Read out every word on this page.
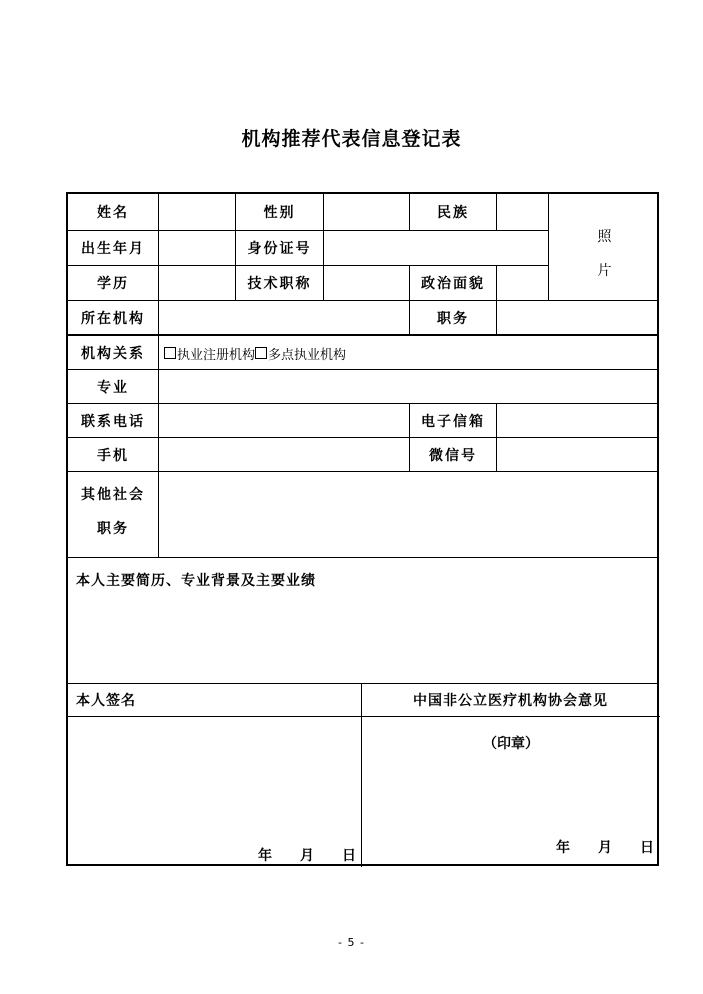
机构推荐代表信息登记表
姓名	性别	民族
出生年月	身份证号
学历	技术职称	政治面貌
照
片
所在机构	职务
机构关系	执业注册机构 多点执业机构
专业
联系电话	电子信箱
手机	微信号
其他社会
职务
本人主要简历、专业背景及主要业绩
本人签名	中国非公立医疗机构协会意见
年 月 日
（印章）
年 月 日
- 5 -
